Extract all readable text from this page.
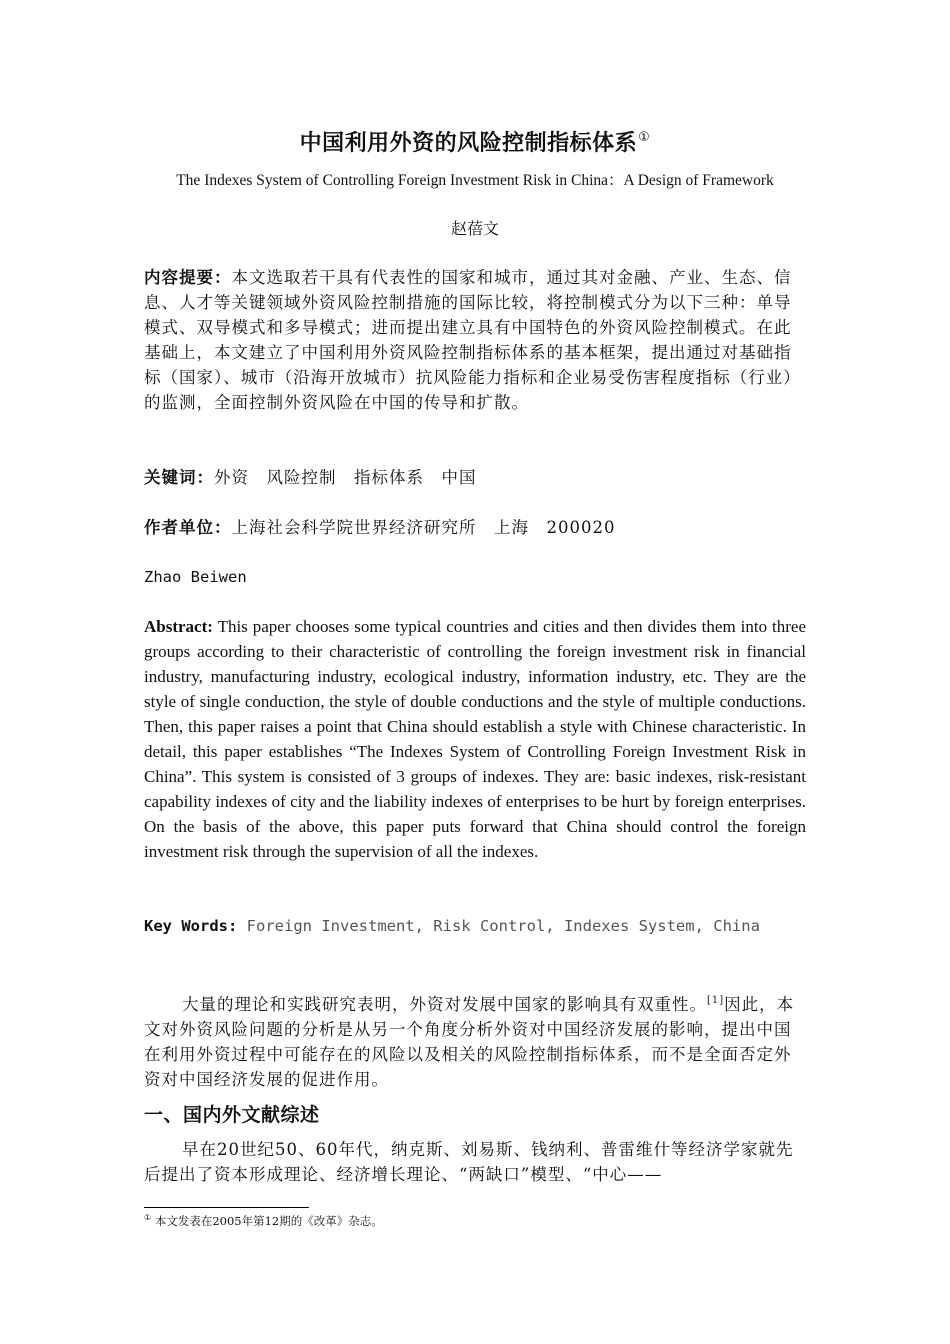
中国利用外资的风险控制指标体系①
The Indexes System of Controlling Foreign Investment Risk in China：A Design of Framework
赵蓓文
内容提要：本文选取若干具有代表性的国家和城市，通过其对金融、产业、生态、信息、人才等关键领域外资风险控制措施的国际比较，将控制模式分为以下三种：单导模式、双导模式和多导模式；进而提出建立具有中国特色的外资风险控制模式。在此基础上，本文建立了中国利用外资风险控制指标体系的基本框架，提出通过对基础指标（国家）、城市（沿海开放城市）抗风险能力指标和企业易受伤害程度指标（行业）的监测，全面控制外资风险在中国的传导和扩散。
关键词：外资　风险控制　指标体系　中国
作者单位：上海社会科学院世界经济研究所　上海　200020
Zhao Beiwen
Abstract: This paper chooses some typical countries and cities and then divides them into three groups according to their characteristic of controlling the foreign investment risk in financial industry, manufacturing industry, ecological industry, information industry, etc. They are the style of single conduction, the style of double conductions and the style of multiple conductions. Then, this paper raises a point that China should establish a style with Chinese characteristic. In detail, this paper establishes “The Indexes System of Controlling Foreign Investment Risk in China”. This system is consisted of 3 groups of indexes. They are: basic indexes, risk-resistant capability indexes of city and the liability indexes of enterprises to be hurt by foreign enterprises. On the basis of the above, this paper puts forward that China should control the foreign investment risk through the supervision of all the indexes.
Key Words: Foreign Investment, Risk Control, Indexes System, China
大量的理论和实践研究表明，外资对发展中国家的影响具有双重性。[1]因此，本文对外资风险问题的分析是从另一个角度分析外资对中国经济发展的影响，提出中国在利用外资过程中可能存在的风险以及相关的风险控制指标体系，而不是全面否定外资对中国经济发展的促进作用。
一、国内外文献综述
早在20世纪50、60年代，纳克斯、刘易斯、钱纳利、普雷维什等经济学家就先后提出了资本形成理论、经济增长理论、“两缺口”模型、“中心——
① 本文发表在2005年第12期的《改革》杂志。
